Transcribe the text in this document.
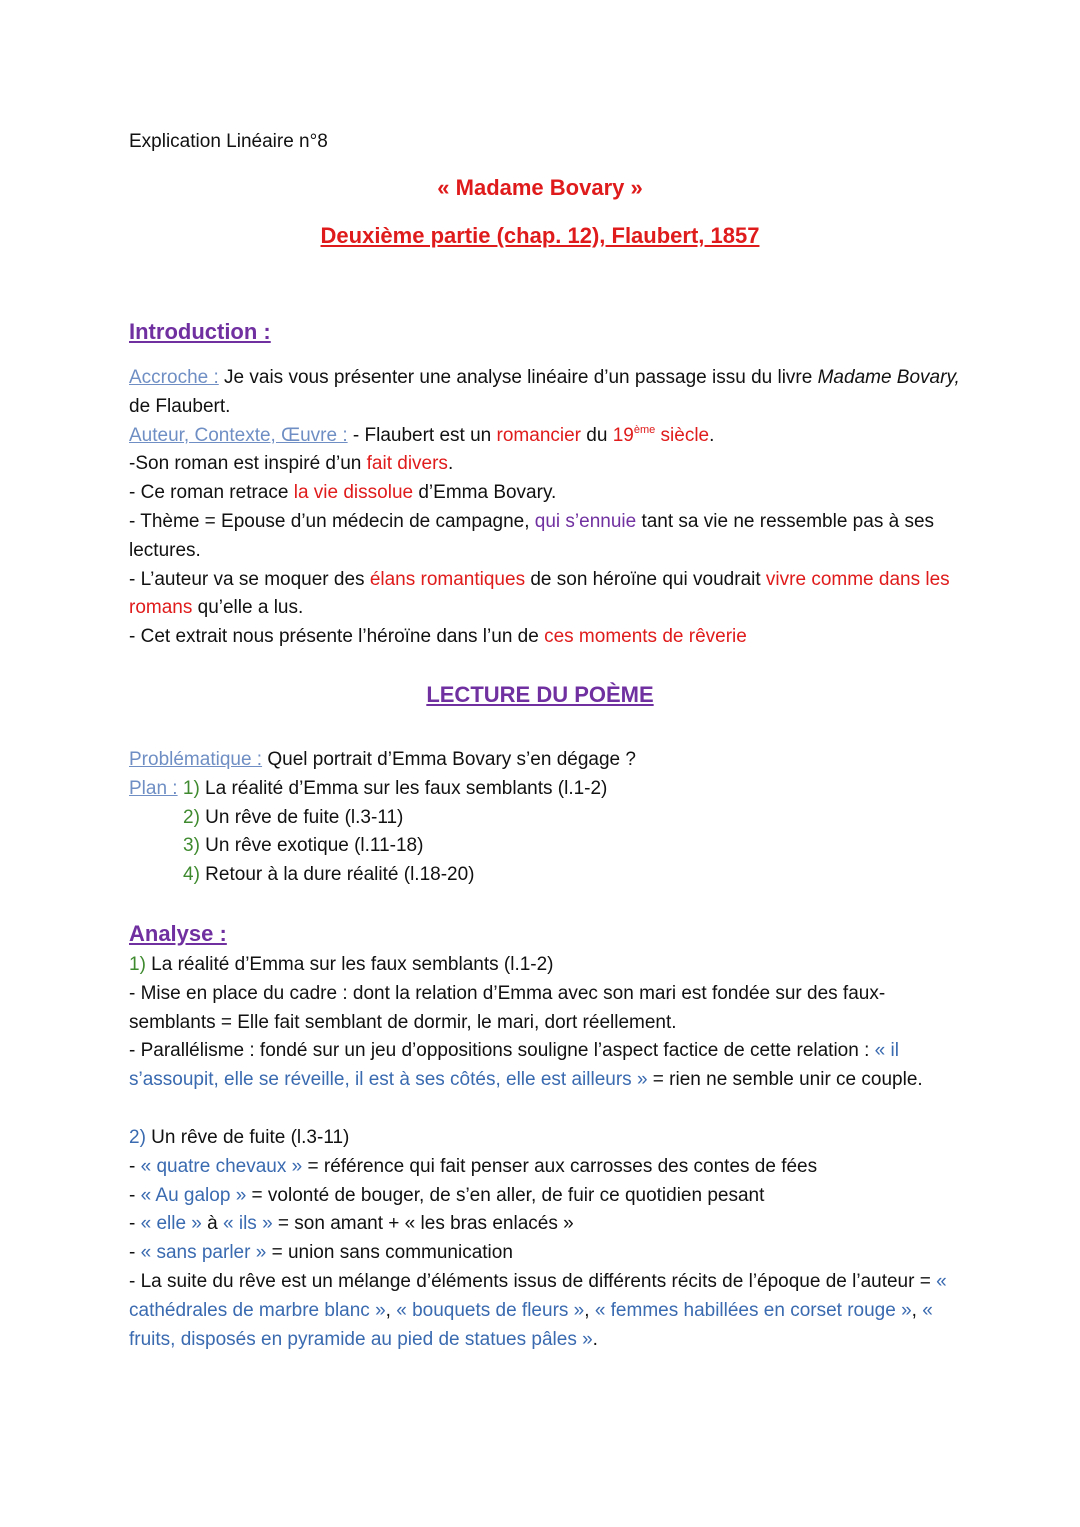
Explication Linéaire n°8
« Madame Bovary »
Deuxième partie (chap. 12), Flaubert, 1857
Introduction :

Accroche : Je vais vous présenter une analyse linéaire d’un passage issu du livre Madame Bovary, de Flaubert.

Auteur, Contexte, Œuvre : - Flaubert est un romancier du 19ème siècle.

-Son roman est inspiré d’un fait divers.

- Ce roman retrace la vie dissolue d’Emma Bovary.

- Thème = Epouse d’un médecin de campagne, qui s’ennuie tant sa vie ne ressemble pas à ses lectures.

- L’auteur va se moquer des élans romantiques de son héroïne qui voudrait vivre comme dans les romans qu’elle a lus.

- Cet extrait nous présente l’héroïne dans l’un de ces moments de rêverie

LECTURE DU POÈME

Problématique : Quel portrait d’Emma Bovary s’en dégage ?

Plan : 1) La réalité d’Emma sur les faux semblants (l.1-2)

2) Un rêve de fuite (l.3-11)

3) Un rêve exotique (l.11-18)

4) Retour à la dure réalité (l.18-20)

Analyse :

1) La réalité d’Emma sur les faux semblants (l.1-2)

- Mise en place du cadre : dont la relation d’Emma avec son mari est fondée sur des faux-semblants = Elle fait semblant de dormir, le mari, dort réellement.

- Parallélisme : fondé sur un jeu d’oppositions souligne l’aspect factice de cette relation : « il s’assoupit, elle se réveille, il est à ses côtés, elle est ailleurs » = rien ne semble unir ce couple.

2) Un rêve de fuite (l.3-11)

- « quatre chevaux » = référence qui fait penser aux carrosses des contes de fées

- « Au galop » = volonté de bouger, de s’en aller, de fuir ce quotidien pesant

- « elle » à « ils » = son amant + « les bras enlacés »

- « sans parler » = union sans communication

- La suite du rêve est un mélange d’éléments issus de différents récits de l’époque de l’auteur = « cathédrales de marbre blanc », « bouquets de fleurs », « femmes habillées en corset rouge », « fruits, disposés en pyramide au pied de statues pâles ».
